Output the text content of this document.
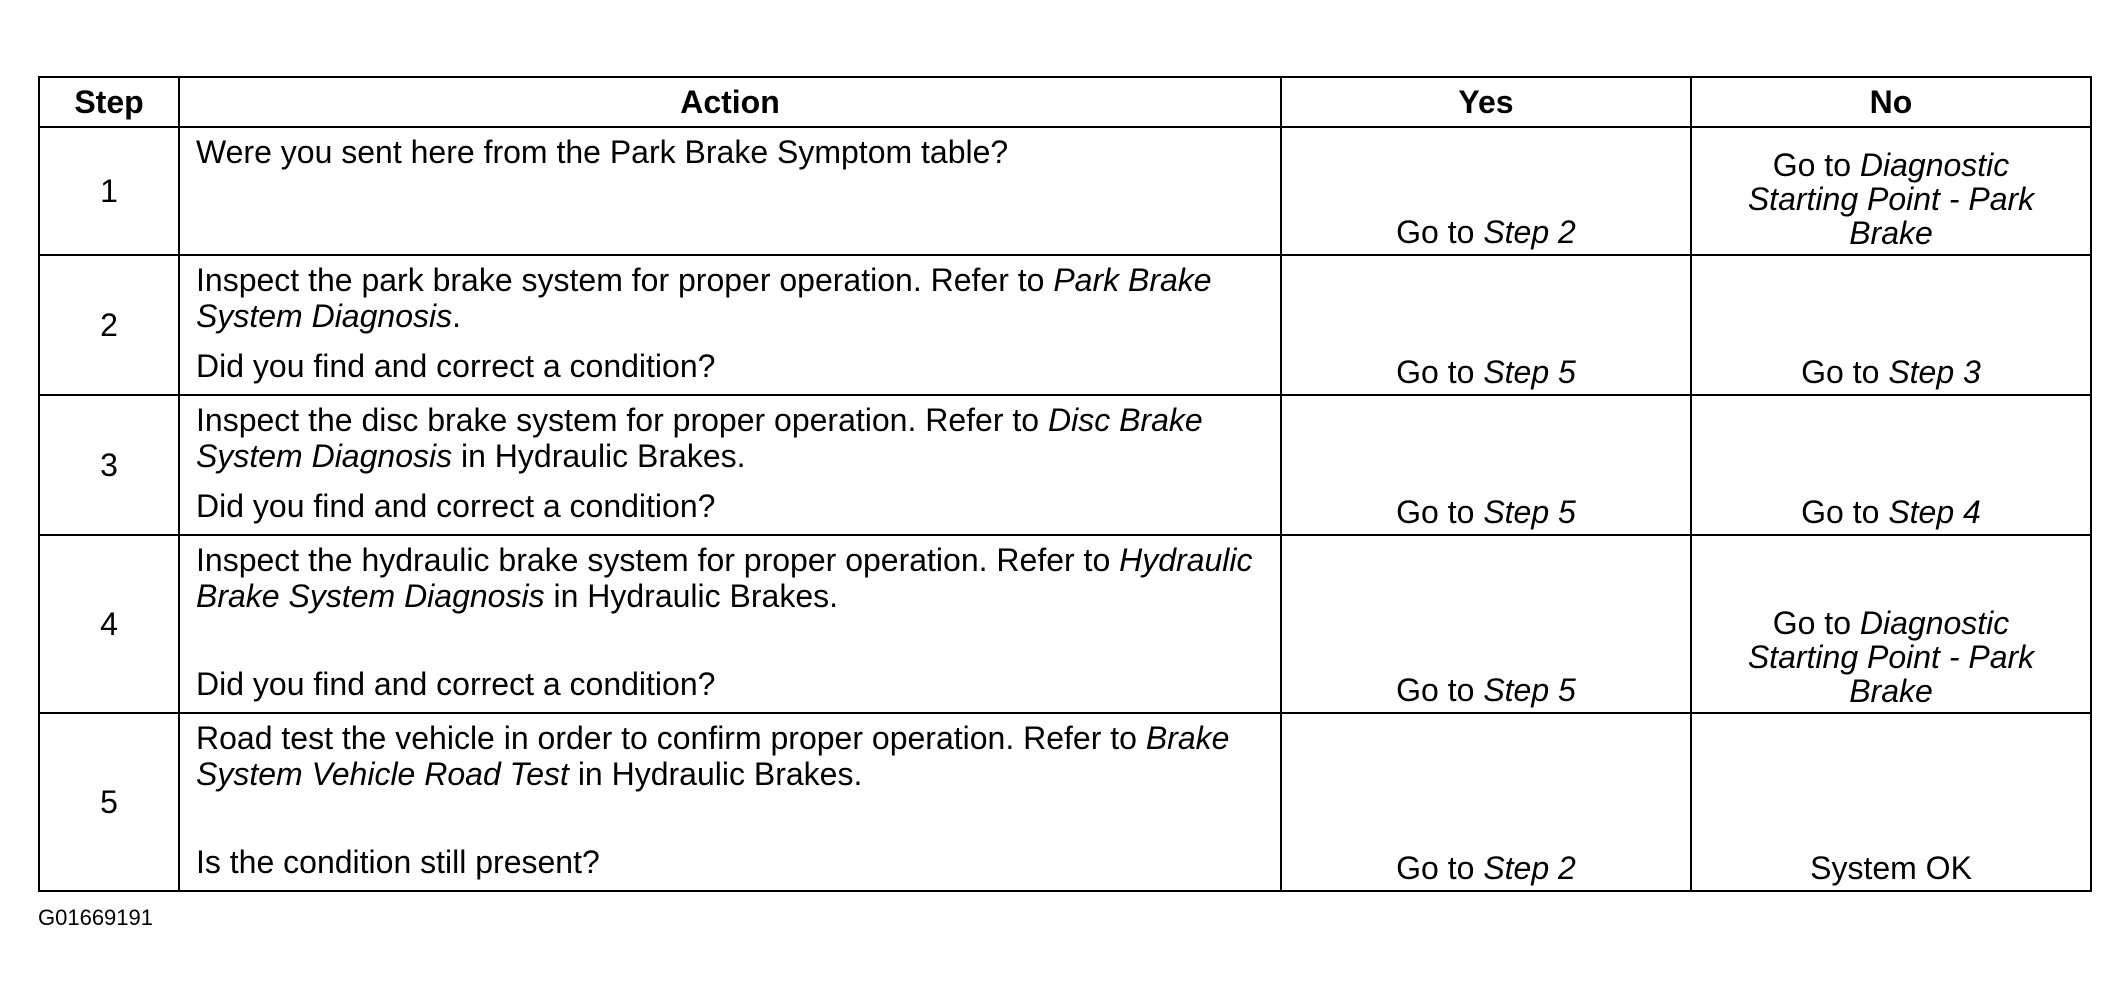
Step	Action	Yes	No
1	Were you sent here from the Park Brake Symptom table?	Go to Step 2	Go to Diagnostic
Starting Point - Park
Brake

2	Inspect the park brake system for proper operation. Refer to Park Brake System Diagnosis.
Did you find and correct a condition?	Go to Step 5	Go to Step 3
3	Inspect the disc brake system for proper operation. Refer to Disc Brake System Diagnosis in Hydraulic Brakes.
Did you find and correct a condition?	Go to Step 5	Go to Step 4
4	Inspect the hydraulic brake system for proper operation. Refer to Hydraulic Brake System Diagnosis in Hydraulic Brakes.
Did you find and correct a condition?	Go to Step 5	Go to Diagnostic
Starting Point - Park
Brake

5	Road test the vehicle in order to confirm proper operation. Refer to Brake System Vehicle Road Test in Hydraulic Brakes.
Is the condition still present?	Go to Step 2	System OK
G01669191
